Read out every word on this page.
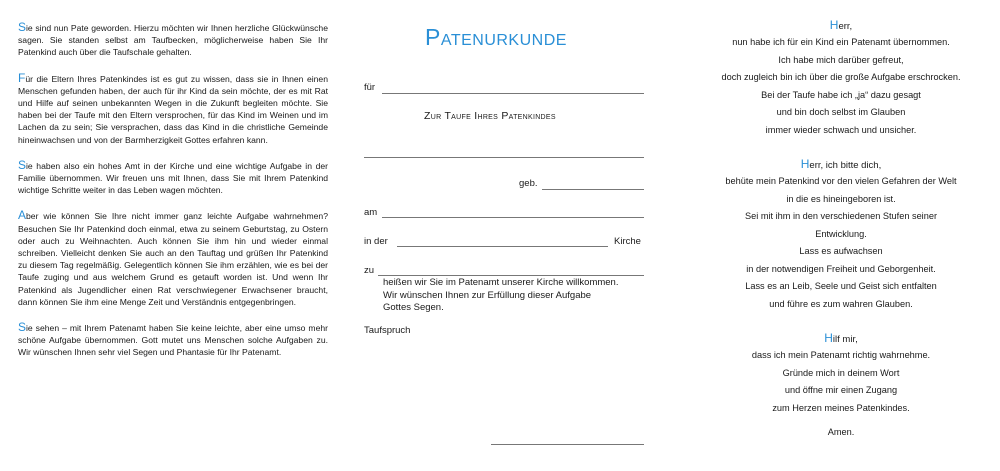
Sie sind nun Pate geworden. Hierzu möchten wir Ihnen herzliche Glückwünsche sagen. Sie standen selbst am Taufbecken, möglicherweise haben Sie Ihr Patenkind auch über die Taufschale gehalten.

Für die Eltern Ihres Patenkindes ist es gut zu wissen, dass sie in Ihnen einen Menschen gefunden haben, der auch für ihr Kind da sein möchte, der es mit Rat und Hilfe auf seinen unbekannten Wegen in die Zukunft begleiten möchte. Sie haben bei der Taufe mit den Eltern versprochen, für das Kind im Weinen und im Lachen da zu sein; Sie versprachen, dass das Kind in die christliche Gemeinde hineinwachsen und von der Barmherzigkeit Gottes erfahren kann.

Sie haben also ein hohes Amt in der Kirche und eine wichtige Aufgabe in der Familie übernommen. Wir freuen uns mit Ihnen, dass Sie mit Ihrem Patenkind wichtige Schritte weiter in das Leben wagen möchten.

Aber wie können Sie Ihre nicht immer ganz leichte Aufgabe wahrnehmen? Besuchen Sie Ihr Patenkind doch einmal, etwa zu seinem Geburtstag, zu Ostern oder auch zu Weihnachten. Auch können Sie ihm hin und wieder einmal schreiben. Vielleicht denken Sie auch an den Tauftag und grüßen Ihr Patenkind zu diesem Tag regelmäßig. Gelegentlich können Sie ihm erzählen, wie es bei der Taufe zuging und aus welchem Grund es getauft worden ist. Und wenn Ihr Patenkind als Jugendlicher einen Rat verschwiegener Erwachsener braucht, dann können Sie ihm eine Menge Zeit und Verständnis entgegenbringen.

Sie sehen – mit Ihrem Patenamt haben Sie keine leichte, aber eine umso mehr schöne Aufgabe übernommen. Gott mutet uns Menschen solche Aufgaben zu. Wir wünschen Ihnen sehr viel Segen und Phantasie für Ihr Patenamt.

Patenurkunde
für
Zur Taufe Ihres Patenkindes
geb.
am
in der	Kirche
zu
heißen wir Sie im Patenamt unserer Kirche willkommen.
Wir wünschen Ihnen zur Erfüllung dieser Aufgabe
Gottes Segen.
Taufspruch
Herr,
nun habe ich für ein Kind ein Patenamt übernommen.
Ich habe mich darüber gefreut,
doch zugleich bin ich über die große Aufgabe erschrocken.
Bei der Taufe habe ich „ja“ dazu gesagt
und bin doch selbst im Glauben
immer wieder schwach und unsicher.
Herr, ich bitte dich,
behüte mein Patenkind vor den vielen Gefahren der Welt
in die es hineingeboren ist.
Sei mit ihm in den verschiedenen Stufen seiner
Entwicklung.
Lass es aufwachsen
in der notwendigen Freiheit und Geborgenheit.
Lass es an Leib, Seele und Geist sich entfalten
und führe es zum wahren Glauben.
Hilf mir,
dass ich mein Patenamt richtig wahrnehme.
Gründe mich in deinem Wort
und öffne mir einen Zugang
zum Herzen meines Patenkindes.
Amen.
